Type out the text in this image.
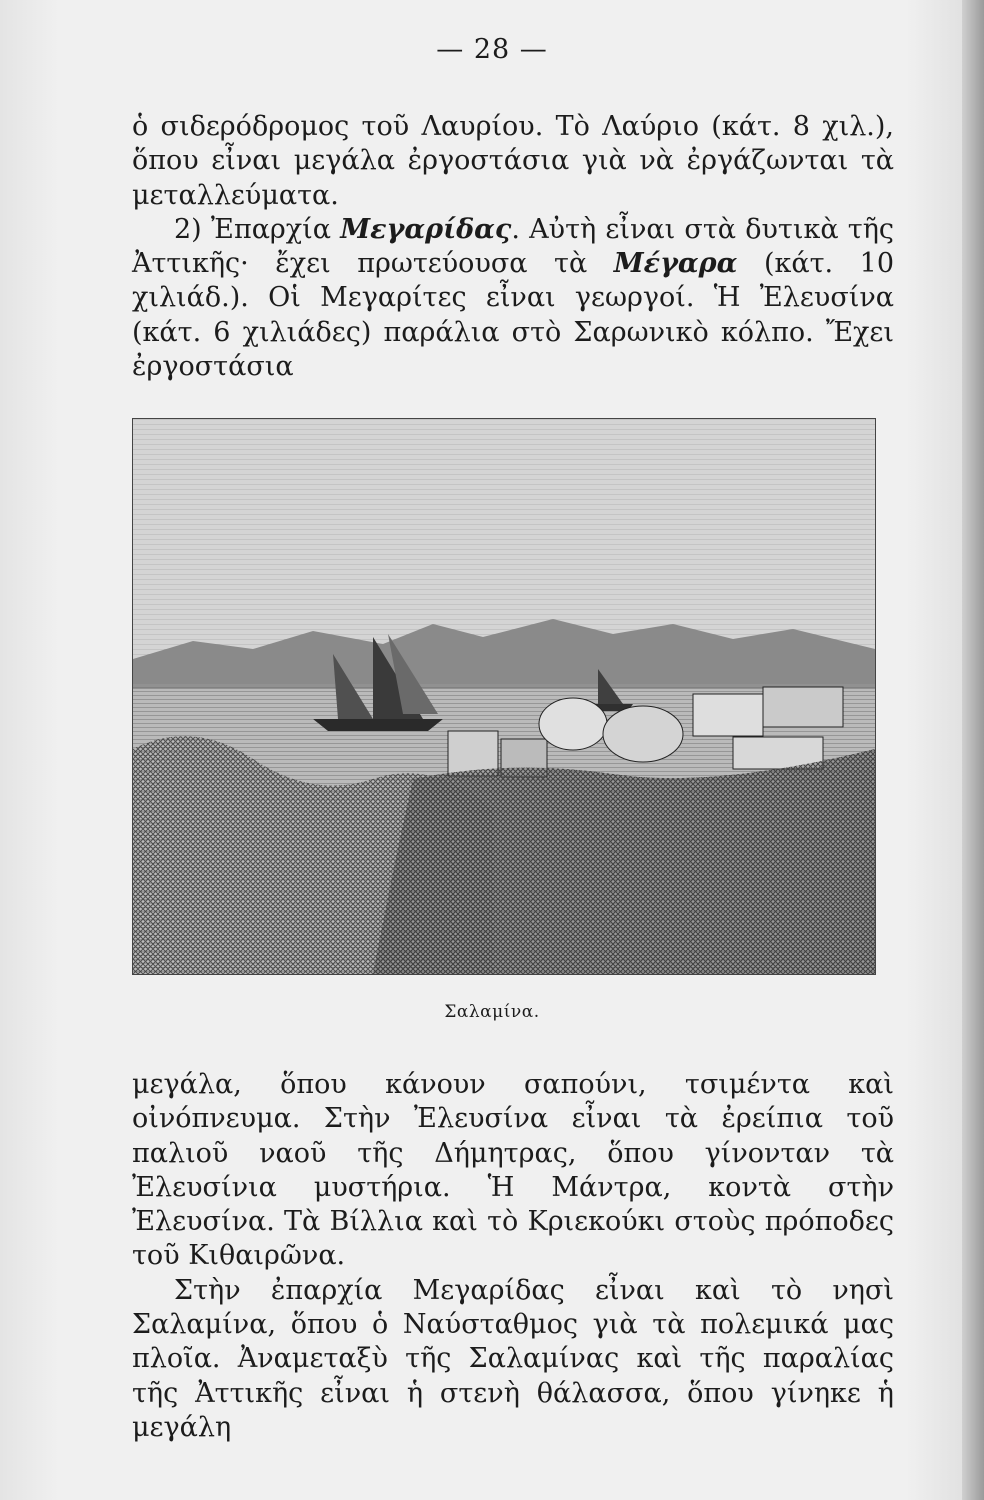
— 28 —

ὁ σιδερόδρομος τοῦ Λαυρίου. Τὸ Λαύριο (κάτ. 8 χιλ.), ὅπου εἶναι μεγάλα ἐργοστάσια γιὰ νὰ ἐργάζωνται τὰ μεταλλεύματα.

2) Ἐπαρχία Μεγαρίδας. Αὐτὴ εἶναι στὰ δυτικὰ τῆς Ἀττικῆς· ἔχει πρωτεύουσα τὰ Μέγαρα (κάτ. 10 χιλιάδ.). Οἱ Μεγαρίτες εἶναι γεωργοί. Ἡ Ἐλευσίνα (κάτ. 6 χιλιάδες) παράλια στὸ Σαρωνικὸ κόλπο. Ἔχει ἐργοστάσια

Σαλαμίνα.

μεγάλα, ὅπου κάνουν σαπούνι, τσιμέντα καὶ οἰνόπνευμα. Στὴν Ἐλευσίνα εἶναι τὰ ἐρείπια τοῦ παλιοῦ ναοῦ τῆς Δήμητρας, ὅπου γίνονταν τὰ Ἐλευσίνια μυστήρια. Ἡ Μάντρα, κοντὰ στὴν Ἐλευσίνα. Τὰ Βίλλια καὶ τὸ Κριεκούκι στοὺς πρόποδες τοῦ Κιθαιρῶνα.

Στὴν ἐπαρχία Μεγαρίδας εἶναι καὶ τὸ νησὶ Σαλαμίνα, ὅπου ὁ Ναύσταθμος γιὰ τὰ πολεμικά μας πλοῖα. Ἀναμεταξὺ τῆς Σαλαμίνας καὶ τῆς παραλίας τῆς Ἀττικῆς εἶναι ἡ στενὴ θάλασσα, ὅπου γίνηκε ἡ μεγάλη
